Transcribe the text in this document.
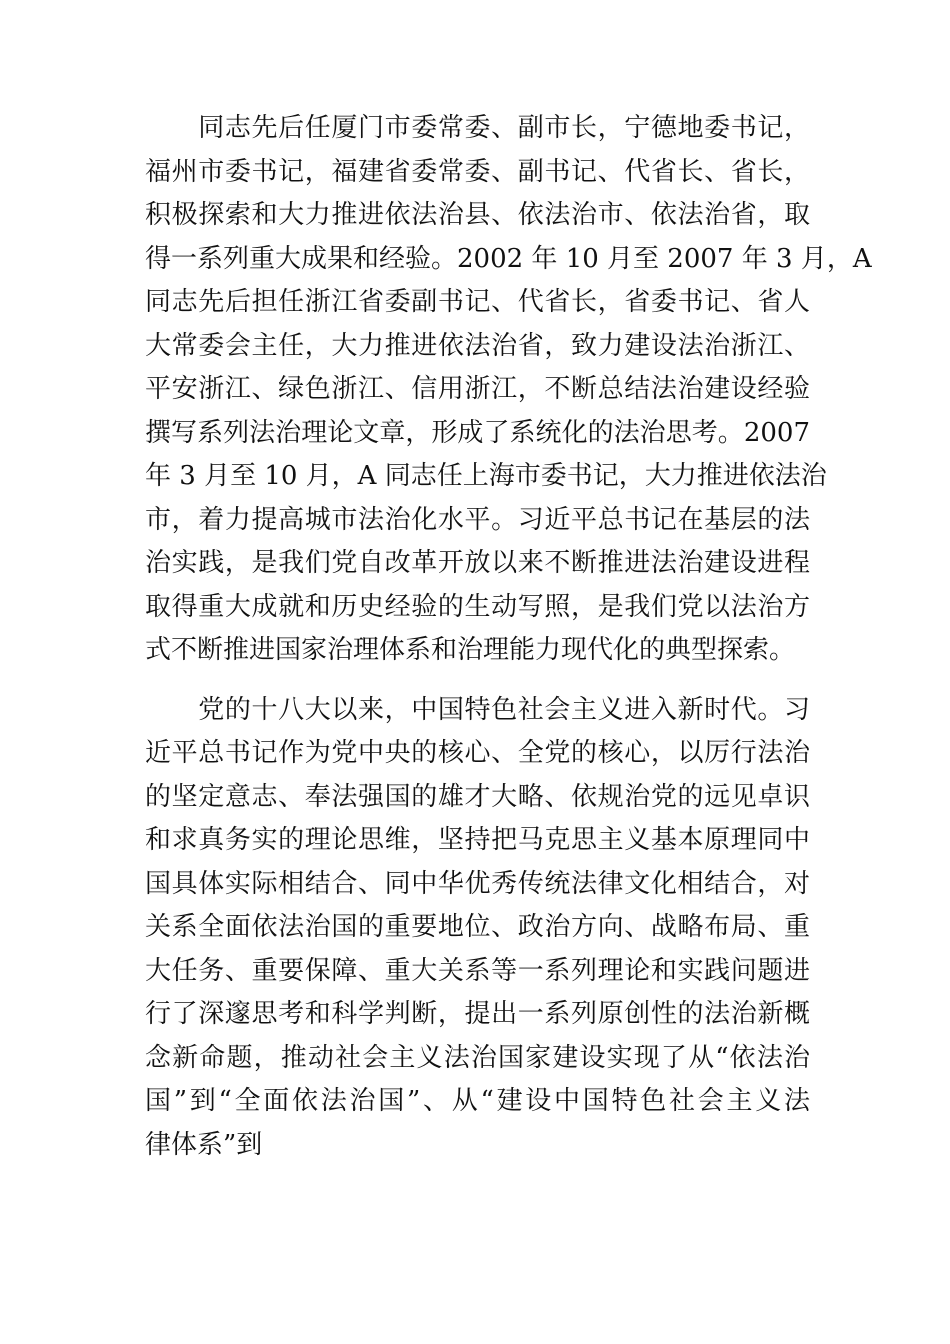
　　同志先后任厦门市委常委、副市长，宁德地委书记，
福州市委书记，福建省委常委、副书记、代省长、省长，
积极探索和大力推进依法治县、依法治市、依法治省，取
得一系列重大成果和经验。2002 年 10 月至 2007 年 3 月，A
同志先后担任浙江省委副书记、代省长，省委书记、省人
大常委会主任，大力推进依法治省，致力建设法治浙江、
平安浙江、绿色浙江、信用浙江，不断总结法治建设经验
撰写系列法治理论文章，形成了系统化的法治思考。2007
年 3 月至 10 月，A 同志任上海市委书记，大力推进依法治
市，着力提高城市法治化水平。习近平总书记在基层的法
治实践，是我们党自改革开放以来不断推进法治建设进程
取得重大成就和历史经验的生动写照，是我们党以法治方
式不断推进国家治理体系和治理能力现代化的典型探索。
　　党的十八大以来，中国特色社会主义进入新时代。习
近平总书记作为党中央的核心、全党的核心，以厉行法治
的坚定意志、奉法强国的雄才大略、依规治党的远见卓识
和求真务实的理论思维，坚持把马克思主义基本原理同中
国具体实际相结合、同中华优秀传统法律文化相结合，对
关系全面依法治国的重要地位、政治方向、战略布局、重
大任务、重要保障、重大关系等一系列理论和实践问题进
行了深邃思考和科学判断，提出一系列原创性的法治新概
念新命题，推动社会主义法治国家建设实现了从“依法治
国”到“全面依法治国”、从“建设中国特色社会主义法
律体系”到
